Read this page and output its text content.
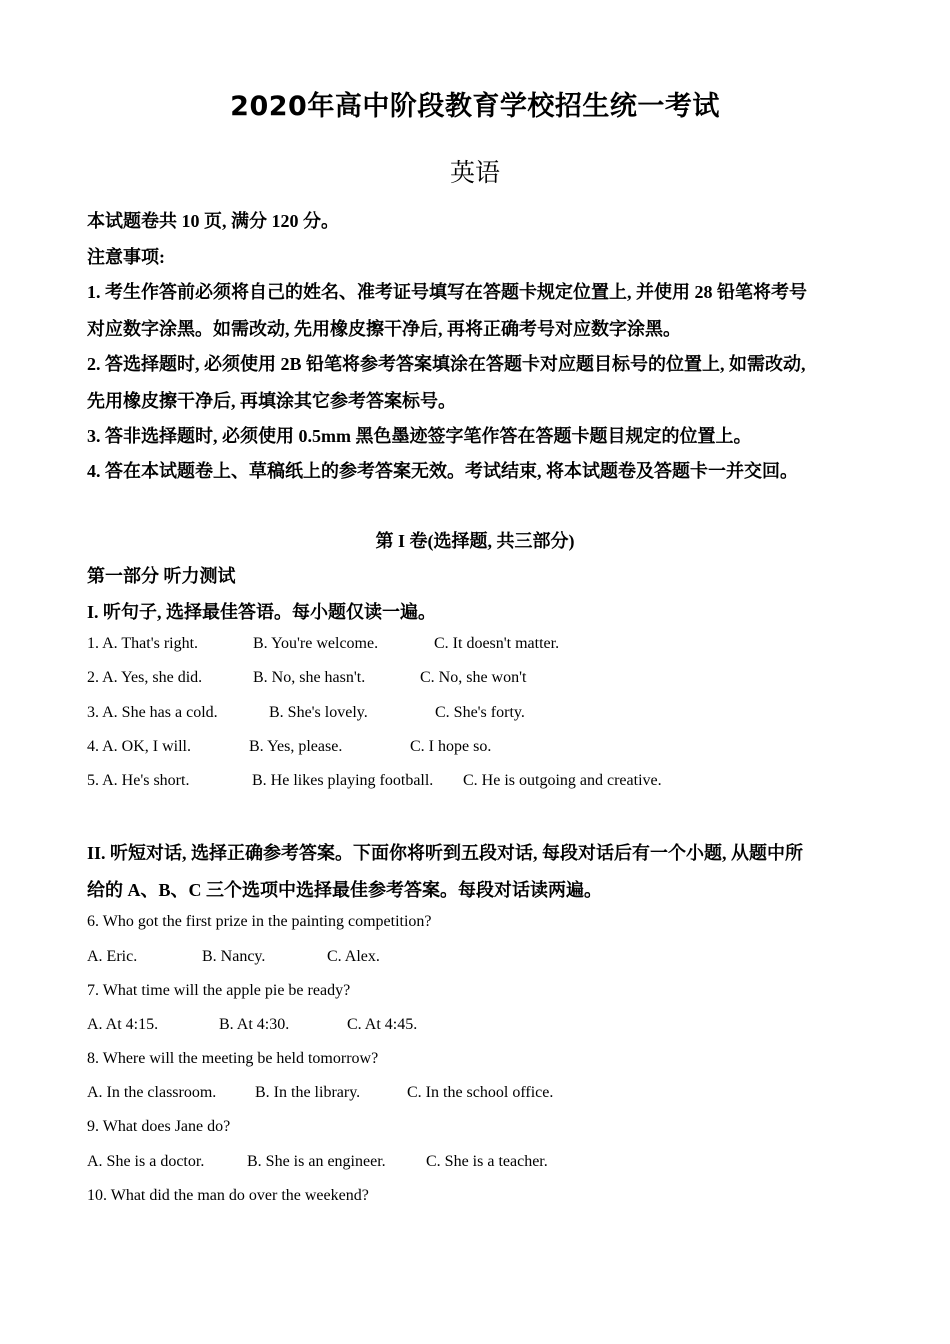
2020年高中阶段教育学校招生统一考试
英语
本试题卷共 10 页, 满分 120 分。
注意事项:
1. 考生作答前必须将自己的姓名、准考证号填写在答题卡规定位置上, 并使用 28 铅笔将考号
对应数字涂黑。如需改动, 先用橡皮擦干净后, 再将正确考号对应数字涂黑。
2. 答选择题时, 必须使用 2B 铅笔将参考答案填涂在答题卡对应题目标号的位置上, 如需改动,
先用橡皮擦干净后, 再填涂其它参考答案标号。
3. 答非选择题时, 必须使用 0.5mm 黑色墨迹签字笔作答在答题卡题目规定的位置上。
4. 答在本试题卷上、草稿纸上的参考答案无效。考试结束, 将本试题卷及答题卡一并交回。
第 I 卷(选择题, 共三部分)
第一部分 听力测试
I. 听句子, 选择最佳答语。每小题仅读一遍。
1. A. That's right.	B. You're welcome.	C. It doesn't matter.
2. A. Yes, she did.	B. No, she hasn't.	C. No, she won't
3. A. She has a cold.	B. She's lovely.	C. She's forty.
4. A. OK, I will.	B. Yes, please.	C. I hope so.
5. A. He's short.	B. He likes playing football. C. He is outgoing and creative.
II. 听短对话, 选择正确参考答案。下面你将听到五段对话, 每段对话后有一个小题, 从题中所
给的 A、B、C 三个选项中选择最佳参考答案。每段对话读两遍。
6. Who got the first prize in the painting competition?
A. Eric.	B. Nancy.	C. Alex.
7. What time will the apple pie be ready?
A. At 4:15.	B. At 4:30.	C. At 4:45.
8. Where will the meeting be held tomorrow?
A. In the classroom. B. In the library.	C. In the school office.
9. What does Jane do?
A. She is a doctor.	B. She is an engineer.	C. She is a teacher.
10. What did the man do over the weekend?
